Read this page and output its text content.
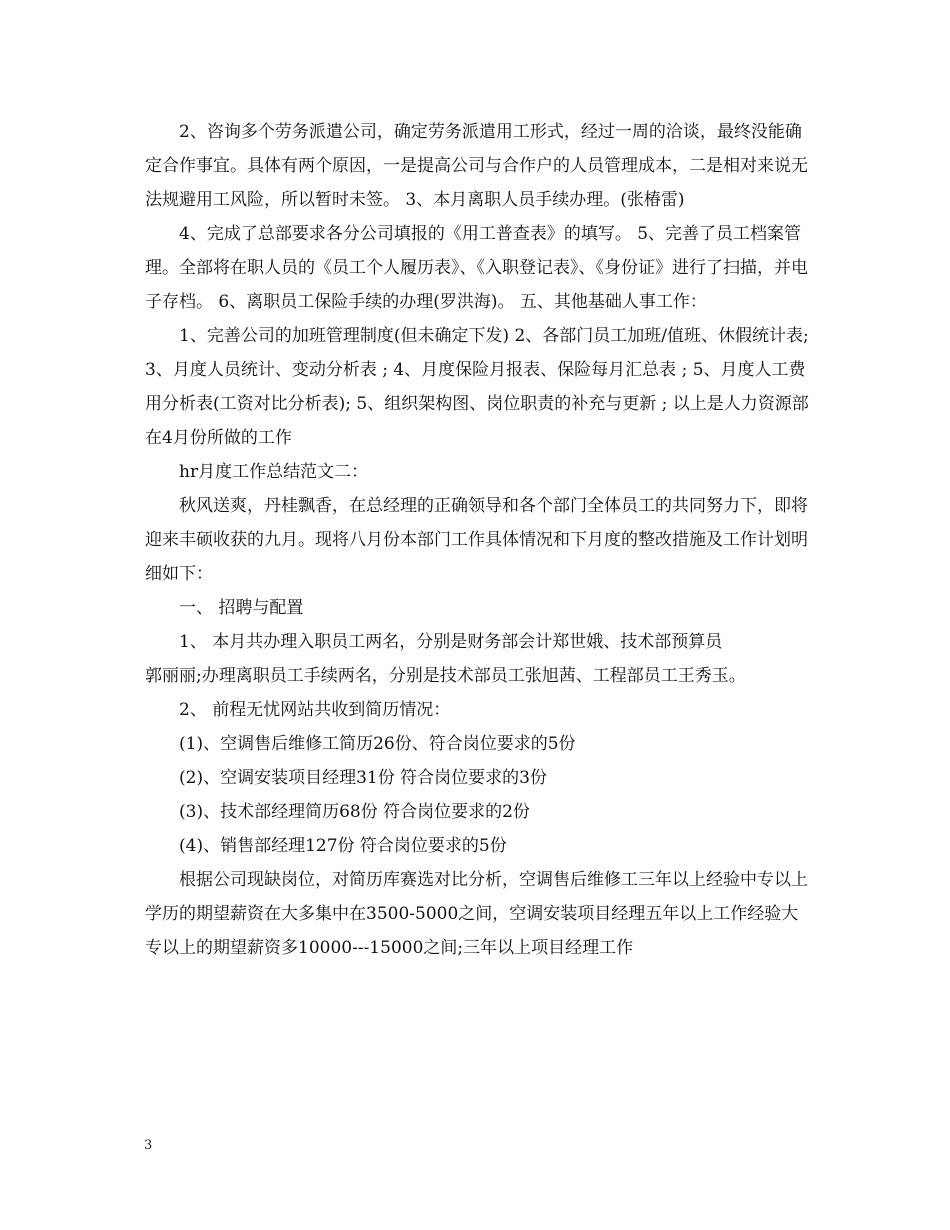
2、咨询多个劳务派遣公司，确定劳务派遣用工形式，经过一周的洽谈，最终没能确定合作事宜。具体有两个原因，一是提高公司与合作户的人员管理成本，二是相对来说无法规避用工风险，所以暂时未签。 3、本月离职人员手续办理。(张椿雷)

4、完成了总部要求各分公司填报的《用工普查表》的填写。 5、完善了员工档案管理。全部将在职人员的《员工个人履历表》、《入职登记表》、《身份证》进行了扫描，并电子存档。 6、离职员工保险手续的办理(罗洪海)。 五、其他基础人事工作：

1、完善公司的加班管理制度(但未确定下发) 2、各部门员工加班/值班、休假统计表; 3、月度人员统计、变动分析表 ; 4、月度保险月报表、保险每月汇总表 ; 5、月度人工费用分析表(工资对比分析表); 5、组织架构图、岗位职责的补充与更新 ; 以上是人力资源部在4月份所做的工作

hr月度工作总结范文二：

秋风送爽，丹桂飘香，在总经理的正确领导和各个部门全体员工的共同努力下，即将迎来丰硕收获的九月。现将八月份本部门工作具体情况和下月度的整改措施及工作计划明细如下：

一、 招聘与配置

1、 本月共办理入职员工两名，分别是财务部会计郑世娥、技术部预算员

郭丽丽;办理离职员工手续两名，分别是技术部员工张旭茜、工程部员工王秀玉。

2、 前程无忧网站共收到简历情况：

(1)、空调售后维修工简历26份、符合岗位要求的5份

(2)、空调安装项目经理31份 符合岗位要求的3份

(3)、技术部经理简历68份 符合岗位要求的2份

(4)、销售部经理127份 符合岗位要求的5份

根据公司现缺岗位，对简历库赛选对比分析，空调售后维修工三年以上经验中专以上学历的期望薪资在大多集中在3500-5000之间，空调安装项目经理五年以上工作经验大专以上的期望薪资多10000---15000之间;三年以上项目经理工作

3
